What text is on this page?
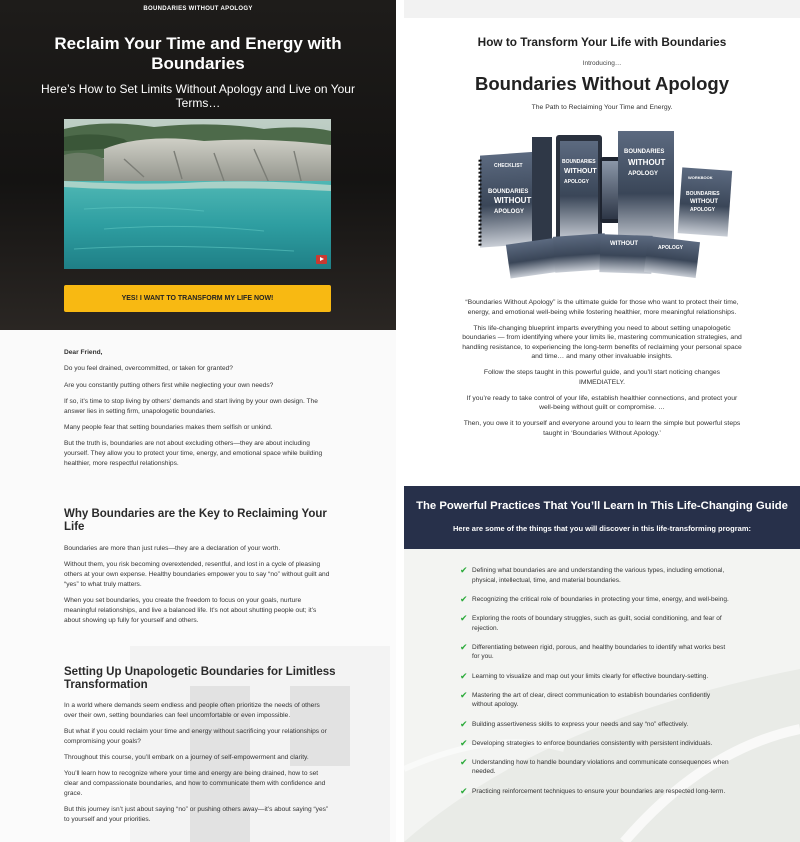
BOUNDARIES WITHOUT APOLOGY
Reclaim Your Time and Energy with Boundaries
Here’s How to Set Limits Without Apology and Live on Your Terms…
YES! I WANT TO TRANSFORM MY LIFE NOW!

Dear Friend,

Do you feel drained, overcommitted, or taken for granted?

Are you constantly putting others first while neglecting your own needs?

If so, it’s time to stop living by others’ demands and start living by your own design. The answer lies in setting firm, unapologetic boundaries.

Many people fear that setting boundaries makes them selfish or unkind.

But the truth is, boundaries are not about excluding others—they are about including yourself. They allow you to protect your time, energy, and emotional space while building healthier, more respectful relationships.

Why Boundaries are the Key to Reclaiming Your Life

Boundaries are more than just rules—they are a declaration of your worth.

Without them, you risk becoming overextended, resentful, and lost in a cycle of pleasing others at your own expense. Healthy boundaries empower you to say “no” without guilt and “yes” to what truly matters.

When you set boundaries, you create the freedom to focus on your goals, nurture meaningful relationships, and live a balanced life. It’s not about shutting people out; it’s about showing up fully for yourself and others.

Setting Up Unapologetic Boundaries for Limitless Transformation

In a world where demands seem endless and people often prioritize the needs of others over their own, setting boundaries can feel uncomfortable or even impossible.

But what if you could reclaim your time and energy without sacrificing your relationships or compromising your goals?

Throughout this course, you’ll embark on a journey of self-empowerment and clarity.

You’ll learn how to recognize where your time and energy are being drained, how to set clear and compassionate boundaries, and how to communicate them with confidence and grace.

But this journey isn’t just about saying “no” or pushing others away—it’s about saying “yes” to yourself and your priorities.

How to Transform Your Life with Boundaries
Introducing…
Boundaries Without Apology
The Path to Reclaiming Your Time and Energy.
CHECKLIST
BOUNDARIES
WITHOUT
APOLOGY
BOUNDARIES
WITHOUT
APOLOGY
BOUNDARIES
WITHOUT
APOLOGY
WORKBOOK
BOUNDARIES
WITHOUT
APOLOGY
WITHOUT
APOLOGY

“Boundaries Without Apology” is the ultimate guide for those who want to protect their time, energy, and emotional well-being while fostering healthier, more meaningful relationships.

This life-changing blueprint imparts everything you need to about setting unapologetic boundaries — from identifying where your limits lie, mastering communication strategies, and handling resistance, to experiencing the long-term benefits of reclaiming your personal space and time… and many other invaluable insights.

Follow the steps taught in this powerful guide, and you’ll start noticing changes IMMEDIATELY.

If you’re ready to take control of your life, establish healthier connections, and protect your well-being without guilt or compromise. …

Then, you owe it to yourself and everyone around you to learn the simple but powerful steps taught in ‘Boundaries Without Apology.’

The Powerful Practices That You’ll Learn In This Life-Changing Guide
Here are some of the things that you will discover in this life-transforming program:
✔ Defining what boundaries are and understanding the various types, including emotional, physical, intellectual, time, and material boundaries.
✔ Recognizing the critical role of boundaries in protecting your time, energy, and well-being.
✔ Exploring the roots of boundary struggles, such as guilt, social conditioning, and fear of rejection.
✔ Differentiating between rigid, porous, and healthy boundaries to identify what works best for you.
✔ Learning to visualize and map out your limits clearly for effective boundary-setting.
✔ Mastering the art of clear, direct communication to establish boundaries confidently without apology.
✔ Building assertiveness skills to express your needs and say “no” effectively.
✔ Developing strategies to enforce boundaries consistently with persistent individuals.
✔ Understanding how to handle boundary violations and communicate consequences when needed.
✔ Practicing reinforcement techniques to ensure your boundaries are respected long-term.
